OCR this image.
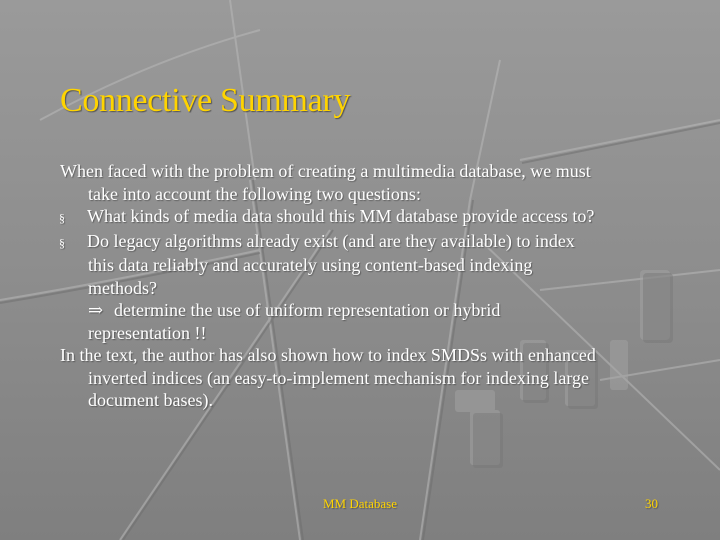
Connective Summary
When faced with the problem of creating a multimedia database, we must
take into account the following two questions:
§ What kinds of media data should this MM database provide access to?
§ Do legacy algorithms already exist (and are they available) to index
this data reliably and accurately using content-based indexing
methods?
⇒ determine the use of uniform representation or hybrid
representation !!
In the text, the author has also shown how to index SMDSs with enhanced
inverted indices (an easy-to-implement mechanism for indexing large
document bases).
MM Database	30
